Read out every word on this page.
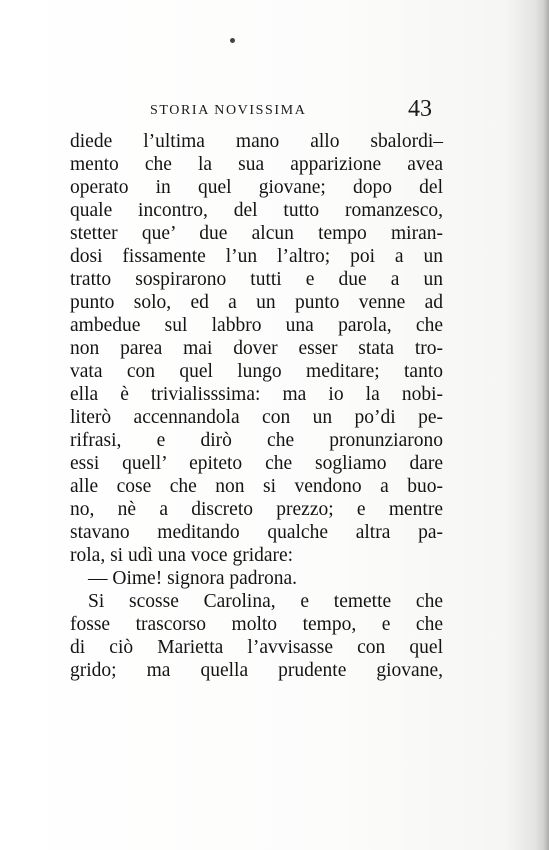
STORIA NOVISSIMA	43
diede l’ultima mano allo sbalordi–
mento che la sua apparizione avea
operato in quel giovane; dopo del
quale incontro, del tutto romanzesco,
stetter que’ due alcun tempo miran-
dosi fissamente l’un l’altro; poi a un
tratto sospirarono tutti e due a un
punto solo, ed a un punto venne ad
ambedue sul labbro una parola, che
non parea mai dover esser stata tro-
vata con quel lungo meditare; tanto
ella è trivialisssima: ma io la nobi-
literò accennandola con un po’di pe-
rifrasi, e dirò che pronunziarono
essi quell’ epiteto che sogliamo dare
alle cose che non si vendono a buo-
no, nè a discreto prezzo; e mentre
stavano meditando qualche altra pa-
rola, si udì una voce gridare:
— Oime! signora padrona.
Si scosse Carolina, e temette che
fosse trascorso molto tempo, e che
di ciò Marietta l’avvisasse con quel
grido; ma quella prudente giovane,
